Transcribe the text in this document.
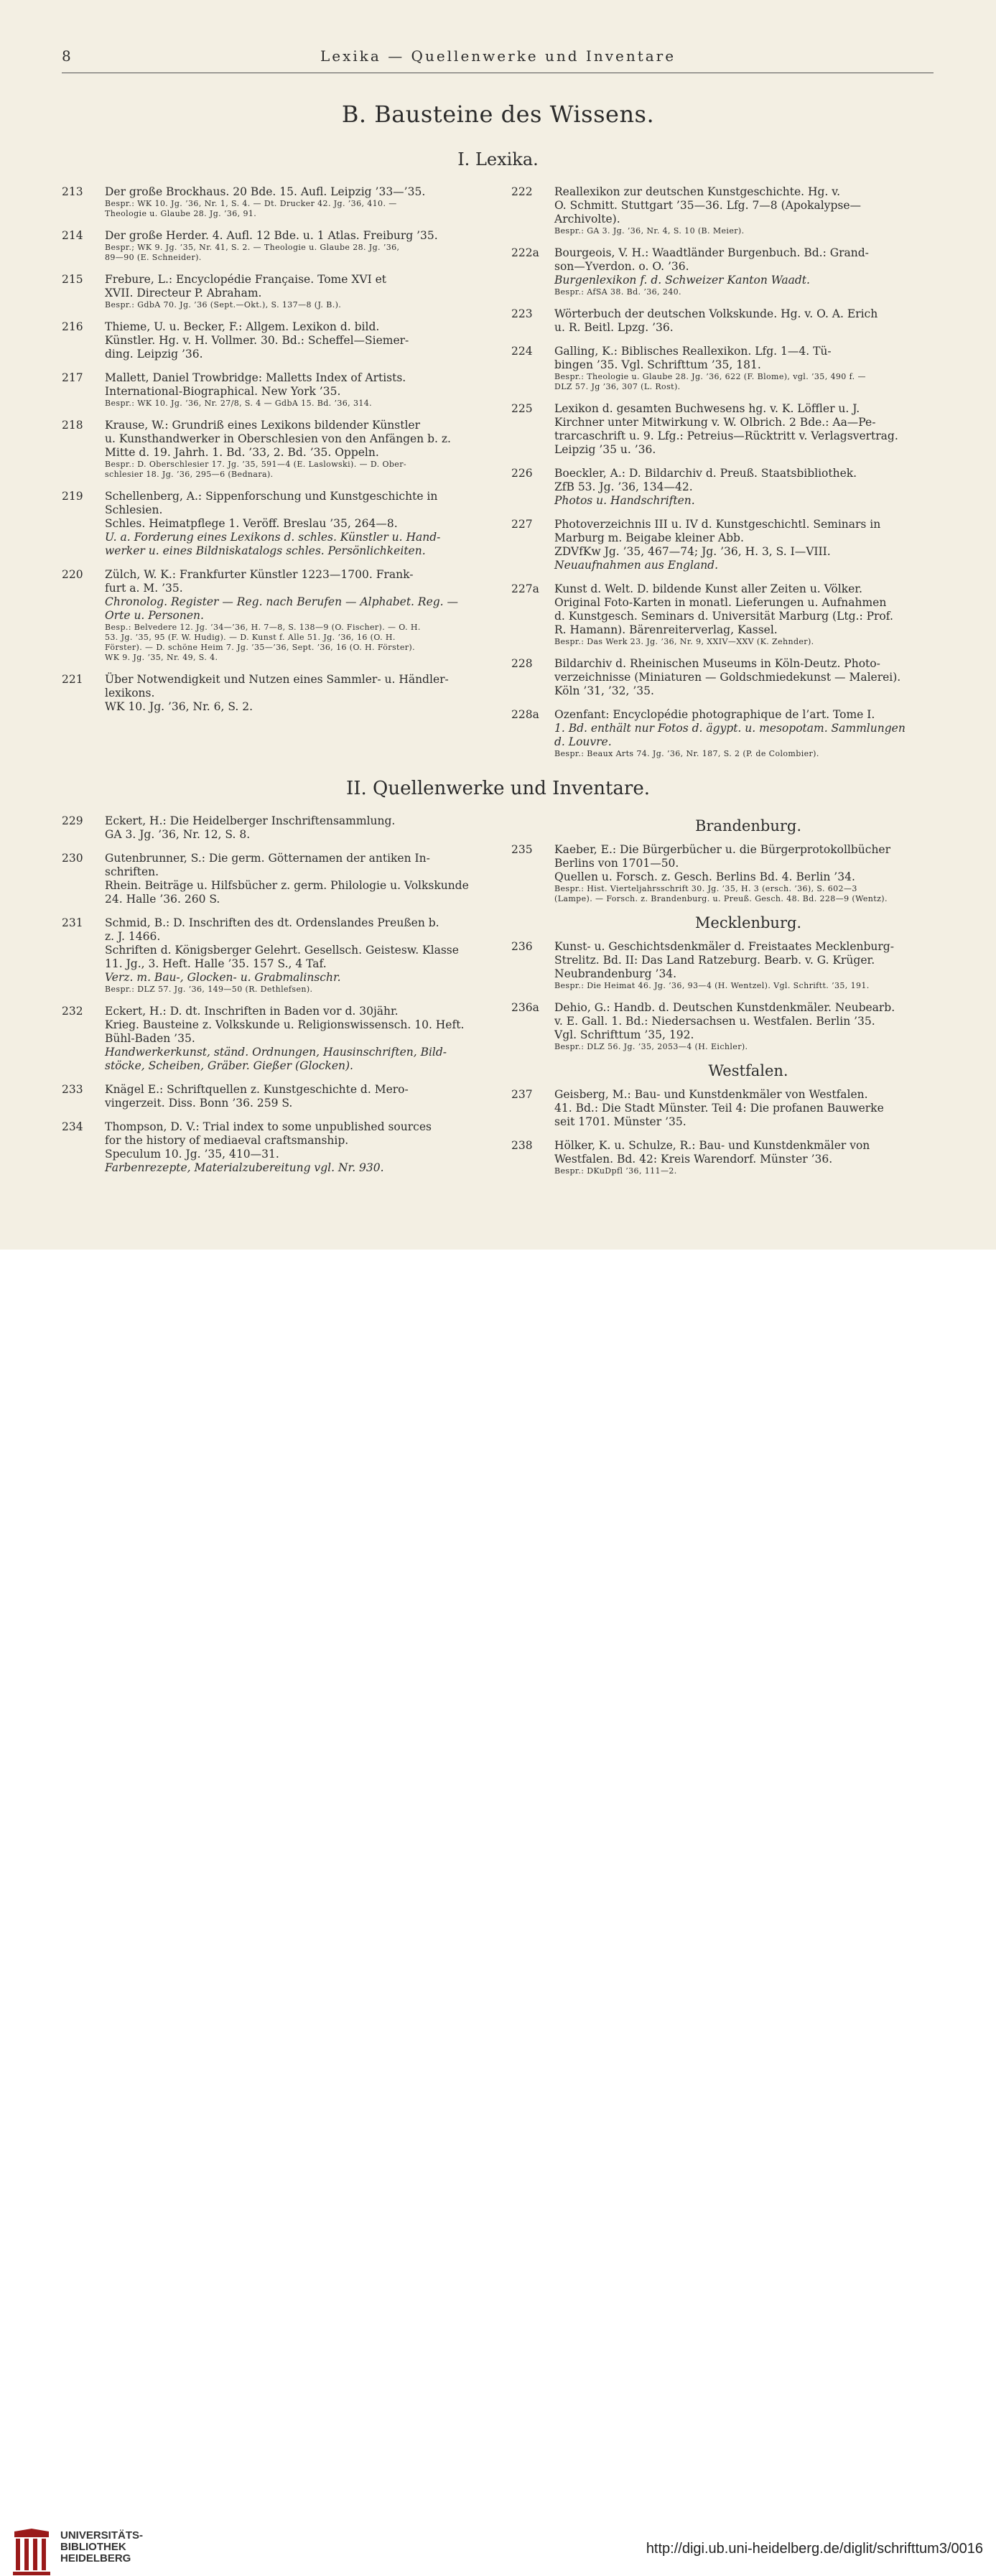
8	Lexika — Quellenwerke und Inventare
B. Bausteine des Wissens.
I. Lexika.
213 Der große Brockhaus. 20 Bde. 15. Aufl. Leipzig ’33—’35.
Bespr.: WK 10. Jg. ’36, Nr. 1, S. 4. — Dt. Drucker 42. Jg. ’36, 410. —
Theologie u. Glaube 28. Jg. ’36, 91.
214 Der große Herder. 4. Aufl. 12 Bde. u. 1 Atlas. Freiburg ’35.
Bespr.; WK 9. Jg. ’35, Nr. 41, S. 2. — Theologie u. Glaube 28. Jg. ’36,
89—90 (E. Schneider).
215 Frebure, L.: Encyclopédie Française. Tome XVI et
XVII. Directeur P. Abraham.
Bespr.: GdbA 70. Jg. ’36 (Sept.—Okt.), S. 137—8 (J. B.).
216 Thieme, U. u. Becker, F.: Allgem. Lexikon d. bild.
Künstler. Hg. v. H. Vollmer. 30. Bd.: Scheffel—Siemer-
ding. Leipzig ’36.
217 Mallett, Daniel Trowbridge: Malletts Index of Artists.
International-Biographical. New York ’35.
Bespr.: WK 10. Jg. ’36, Nr. 27/8, S. 4 — GdbA 15. Bd. ’36, 314.
218 Krause, W.: Grundriß eines Lexikons bildender Künstler
u. Kunsthandwerker in Oberschlesien von den Anfängen b. z.
Mitte d. 19. Jahrh. 1. Bd. ’33, 2. Bd. ’35. Oppeln.
Bespr.: D. Oberschlesier 17. Jg. ’35, 591—4 (E. Laslowski). — D. Ober-
schlesier 18. Jg. ’36, 295—6 (Bednara).
219 Schellenberg, A.: Sippenforschung und Kunstgeschichte in
Schlesien.
Schles. Heimatpflege 1. Veröff. Breslau ’35, 264—8.
U. a. Forderung eines Lexikons d. schles. Künstler u. Hand-
werker u. eines Bildniskatalogs schles. Persönlichkeiten.
220 Zülch, W. K.: Frankfurter Künstler 1223—1700. Frank-
furt a. M. ’35.
Chronolog. Register — Reg. nach Berufen — Alphabet. Reg. —
Orte u. Personen.
Besp.: Belvedere 12. Jg. ’34—’36, H. 7—8, S. 138—9 (O. Fischer). — O. H.
53. Jg. ’35, 95 (F. W. Hudig). — D. Kunst f. Alle 51. Jg. ’36, 16 (O. H.
Förster). — D. schöne Heim 7. Jg. ’35—’36, Sept. ’36, 16 (O. H. Förster).
WK 9. Jg. ’35, Nr. 49, S. 4.
221 Über Notwendigkeit und Nutzen eines Sammler- u. Händler-
lexikons.
WK 10. Jg. ’36, Nr. 6, S. 2.
222 Reallexikon zur deutschen Kunstgeschichte. Hg. v.
O. Schmitt. Stuttgart ’35—36. Lfg. 7—8 (Apokalypse—
Archivolte).
Bespr.: GA 3. Jg. ’36, Nr. 4, S. 10 (B. Meier).
222a Bourgeois, V. H.: Waadtländer Burgenbuch. Bd.: Grand-
son—Yverdon. o. O. ’36.
Burgenlexikon f. d. Schweizer Kanton Waadt.
Bespr.: AfSA 38. Bd. ’36, 240.
223 Wörterbuch der deutschen Volkskunde. Hg. v. O. A. Erich
u. R. Beitl. Lpzg. ’36.
224 Galling, K.: Biblisches Reallexikon. Lfg. 1—4. Tü-
bingen ’35. Vgl. Schrifttum ’35, 181.
Bespr.: Theologie u. Glaube 28. Jg. ’36, 622 (F. Blome), vgl. ’35, 490 f. —
DLZ 57. Jg ’36, 307 (L. Rost).
225 Lexikon d. gesamten Buchwesens hg. v. K. Löffler u. J.
Kirchner unter Mitwirkung v. W. Olbrich. 2 Bde.: Aa—Pe-
trarcaschrift u. 9. Lfg.: Petreius—Rücktritt v. Verlagsvertrag.
Leipzig ’35 u. ’36.
226 Boeckler, A.: D. Bildarchiv d. Preuß. Staatsbibliothek.
ZfB 53. Jg. ’36, 134—42.
Photos u. Handschriften.
227 Photoverzeichnis III u. IV d. Kunstgeschichtl. Seminars in
Marburg m. Beigabe kleiner Abb.
ZDVfKw Jg. ’35, 467—74; Jg. ’36, H. 3, S. I—VIII.
Neuaufnahmen aus England.
227a Kunst d. Welt. D. bildende Kunst aller Zeiten u. Völker.
Original Foto-Karten in monatl. Lieferungen u. Aufnahmen
d. Kunstgesch. Seminars d. Universität Marburg (Ltg.: Prof.
R. Hamann). Bärenreiterverlag, Kassel.
Bespr.: Das Werk 23. Jg. ’36, Nr. 9, XXIV—XXV (K. Zehnder).
228 Bildarchiv d. Rheinischen Museums in Köln-Deutz. Photo-
verzeichnisse (Miniaturen — Goldschmiedekunst — Malerei).
Köln ’31, ’32, ’35.
228a Ozenfant: Encyclopédie photographique de l’art. Tome I.
1. Bd. enthält nur Fotos d. ägypt. u. mesopotam. Sammlungen
d. Louvre.
Bespr.: Beaux Arts 74. Jg. ’36, Nr. 187, S. 2 (P. de Colombier).
II. Quellenwerke und Inventare.
229 Eckert, H.: Die Heidelberger Inschriftensammlung.
GA 3. Jg. ’36, Nr. 12, S. 8.
230 Gutenbrunner, S.: Die germ. Götternamen der antiken In-
schriften.
Rhein. Beiträge u. Hilfsbücher z. germ. Philologie u. Volkskunde
24. Halle ’36. 260 S.
231 Schmid, B.: D. Inschriften des dt. Ordenslandes Preußen b.
z. J. 1466.
Schriften d. Königsberger Gelehrt. Gesellsch. Geistesw. Klasse
11. Jg., 3. Heft. Halle ’35. 157 S., 4 Taf.
Verz. m. Bau-, Glocken- u. Grabmalinschr.
Bespr.: DLZ 57. Jg. ’36, 149—50 (R. Dethlefsen).
232 Eckert, H.: D. dt. Inschriften in Baden vor d. 30jähr.
Krieg. Bausteine z. Volkskunde u. Religionswissensch. 10. Heft.
Bühl-Baden ’35.
Handwerkerkunst, ständ. Ordnungen, Hausinschriften, Bild-
stöcke, Scheiben, Gräber. Gießer (Glocken).
233 Knägel E.: Schriftquellen z. Kunstgeschichte d. Mero-
vingerzeit. Diss. Bonn ’36. 259 S.
234 Thompson, D. V.: Trial index to some unpublished sources
for the history of mediaeval craftsmanship.
Speculum 10. Jg. ’35, 410—31.
Farbenrezepte, Materialzubereitung vgl. Nr. 930.
Brandenburg.
235 Kaeber, E.: Die Bürgerbücher u. die Bürgerprotokollbücher
Berlins von 1701—50.
Quellen u. Forsch. z. Gesch. Berlins Bd. 4. Berlin ’34.
Bespr.: Hist. Vierteljahrsschrift 30. Jg. ’35, H. 3 (ersch. ’36), S. 602—3
(Lampe). — Forsch. z. Brandenburg. u. Preuß. Gesch. 48. Bd. 228—9 (Wentz).
Mecklenburg.
236 Kunst- u. Geschichtsdenkmäler d. Freistaates Mecklenburg-
Strelitz. Bd. II: Das Land Ratzeburg. Bearb. v. G. Krüger.
Neubrandenburg ’34.
Bespr.: Die Heimat 46. Jg. ’36, 93—4 (H. Wentzel). Vgl. Schriftt. ’35, 191.
236a Dehio, G.: Handb. d. Deutschen Kunstdenkmäler. Neubearb.
v. E. Gall. 1. Bd.: Niedersachsen u. Westfalen. Berlin ’35.
Vgl. Schrifttum ’35, 192.
Bespr.: DLZ 56. Jg. ’35, 2053—4 (H. Eichler).
Westfalen.
237 Geisberg, M.: Bau- und Kunstdenkmäler von Westfalen.
41. Bd.: Die Stadt Münster. Teil 4: Die profanen Bauwerke
seit 1701. Münster ’35.
238 Hölker, K. u. Schulze, R.: Bau- und Kunstdenkmäler von
Westfalen. Bd. 42: Kreis Warendorf. Münster ’36.
Bespr.: DKuDpfl ’36, 111—2.
UNIVERSITÄTS-
BIBLIOTHEK
HEIDELBERG
http://digi.ub.uni-heidelberg.de/diglit/schrifttum3/0016
